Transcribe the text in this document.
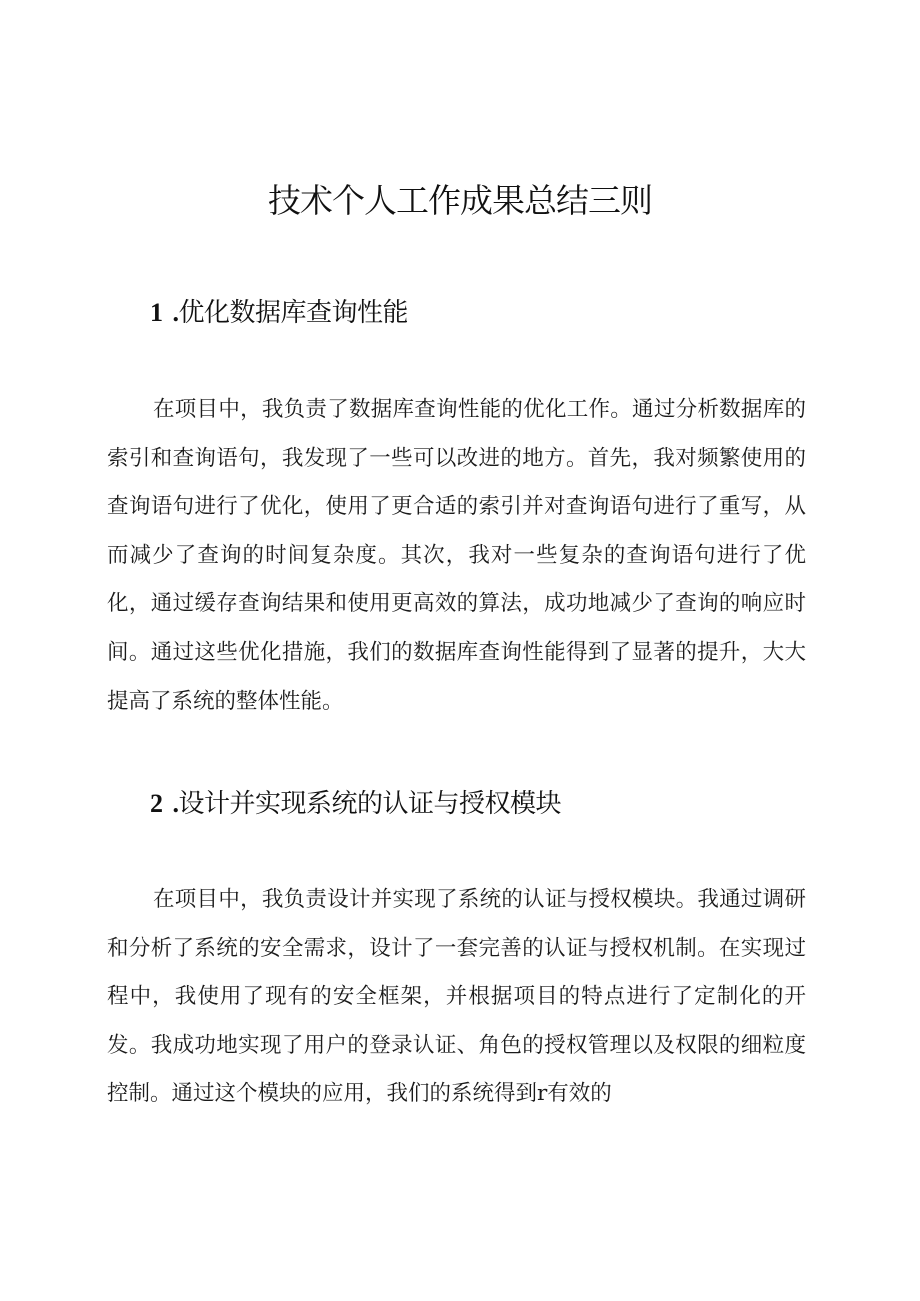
技术个人工作成果总结三则
1 .优化数据库查询性能

在项目中，我负责了数据库查询性能的优化工作。通过分析数据库的索引和查询语句，我发现了一些可以改进的地方。首先，我对频繁使用的查询语句进行了优化，使用了更合适的索引并对查询语句进行了重写，从而减少了查询的时间复杂度。其次，我对一些复杂的查询语句进行了优化，通过缓存查询结果和使用更高效的算法，成功地减少了查询的响应时间。通过这些优化措施，我们的数据库查询性能得到了显著的提升，大大提高了系统的整体性能。

2 .设计并实现系统的认证与授权模块

在项目中，我负责设计并实现了系统的认证与授权模块。我通过调研和分析了系统的安全需求，设计了一套完善的认证与授权机制。在实现过程中，我使用了现有的安全框架，并根据项目的特点进行了定制化的开发。我成功地实现了用户的登录认证、角色的授权管理以及权限的细粒度控制。通过这个模块的应用，我们的系统得到r有效的
